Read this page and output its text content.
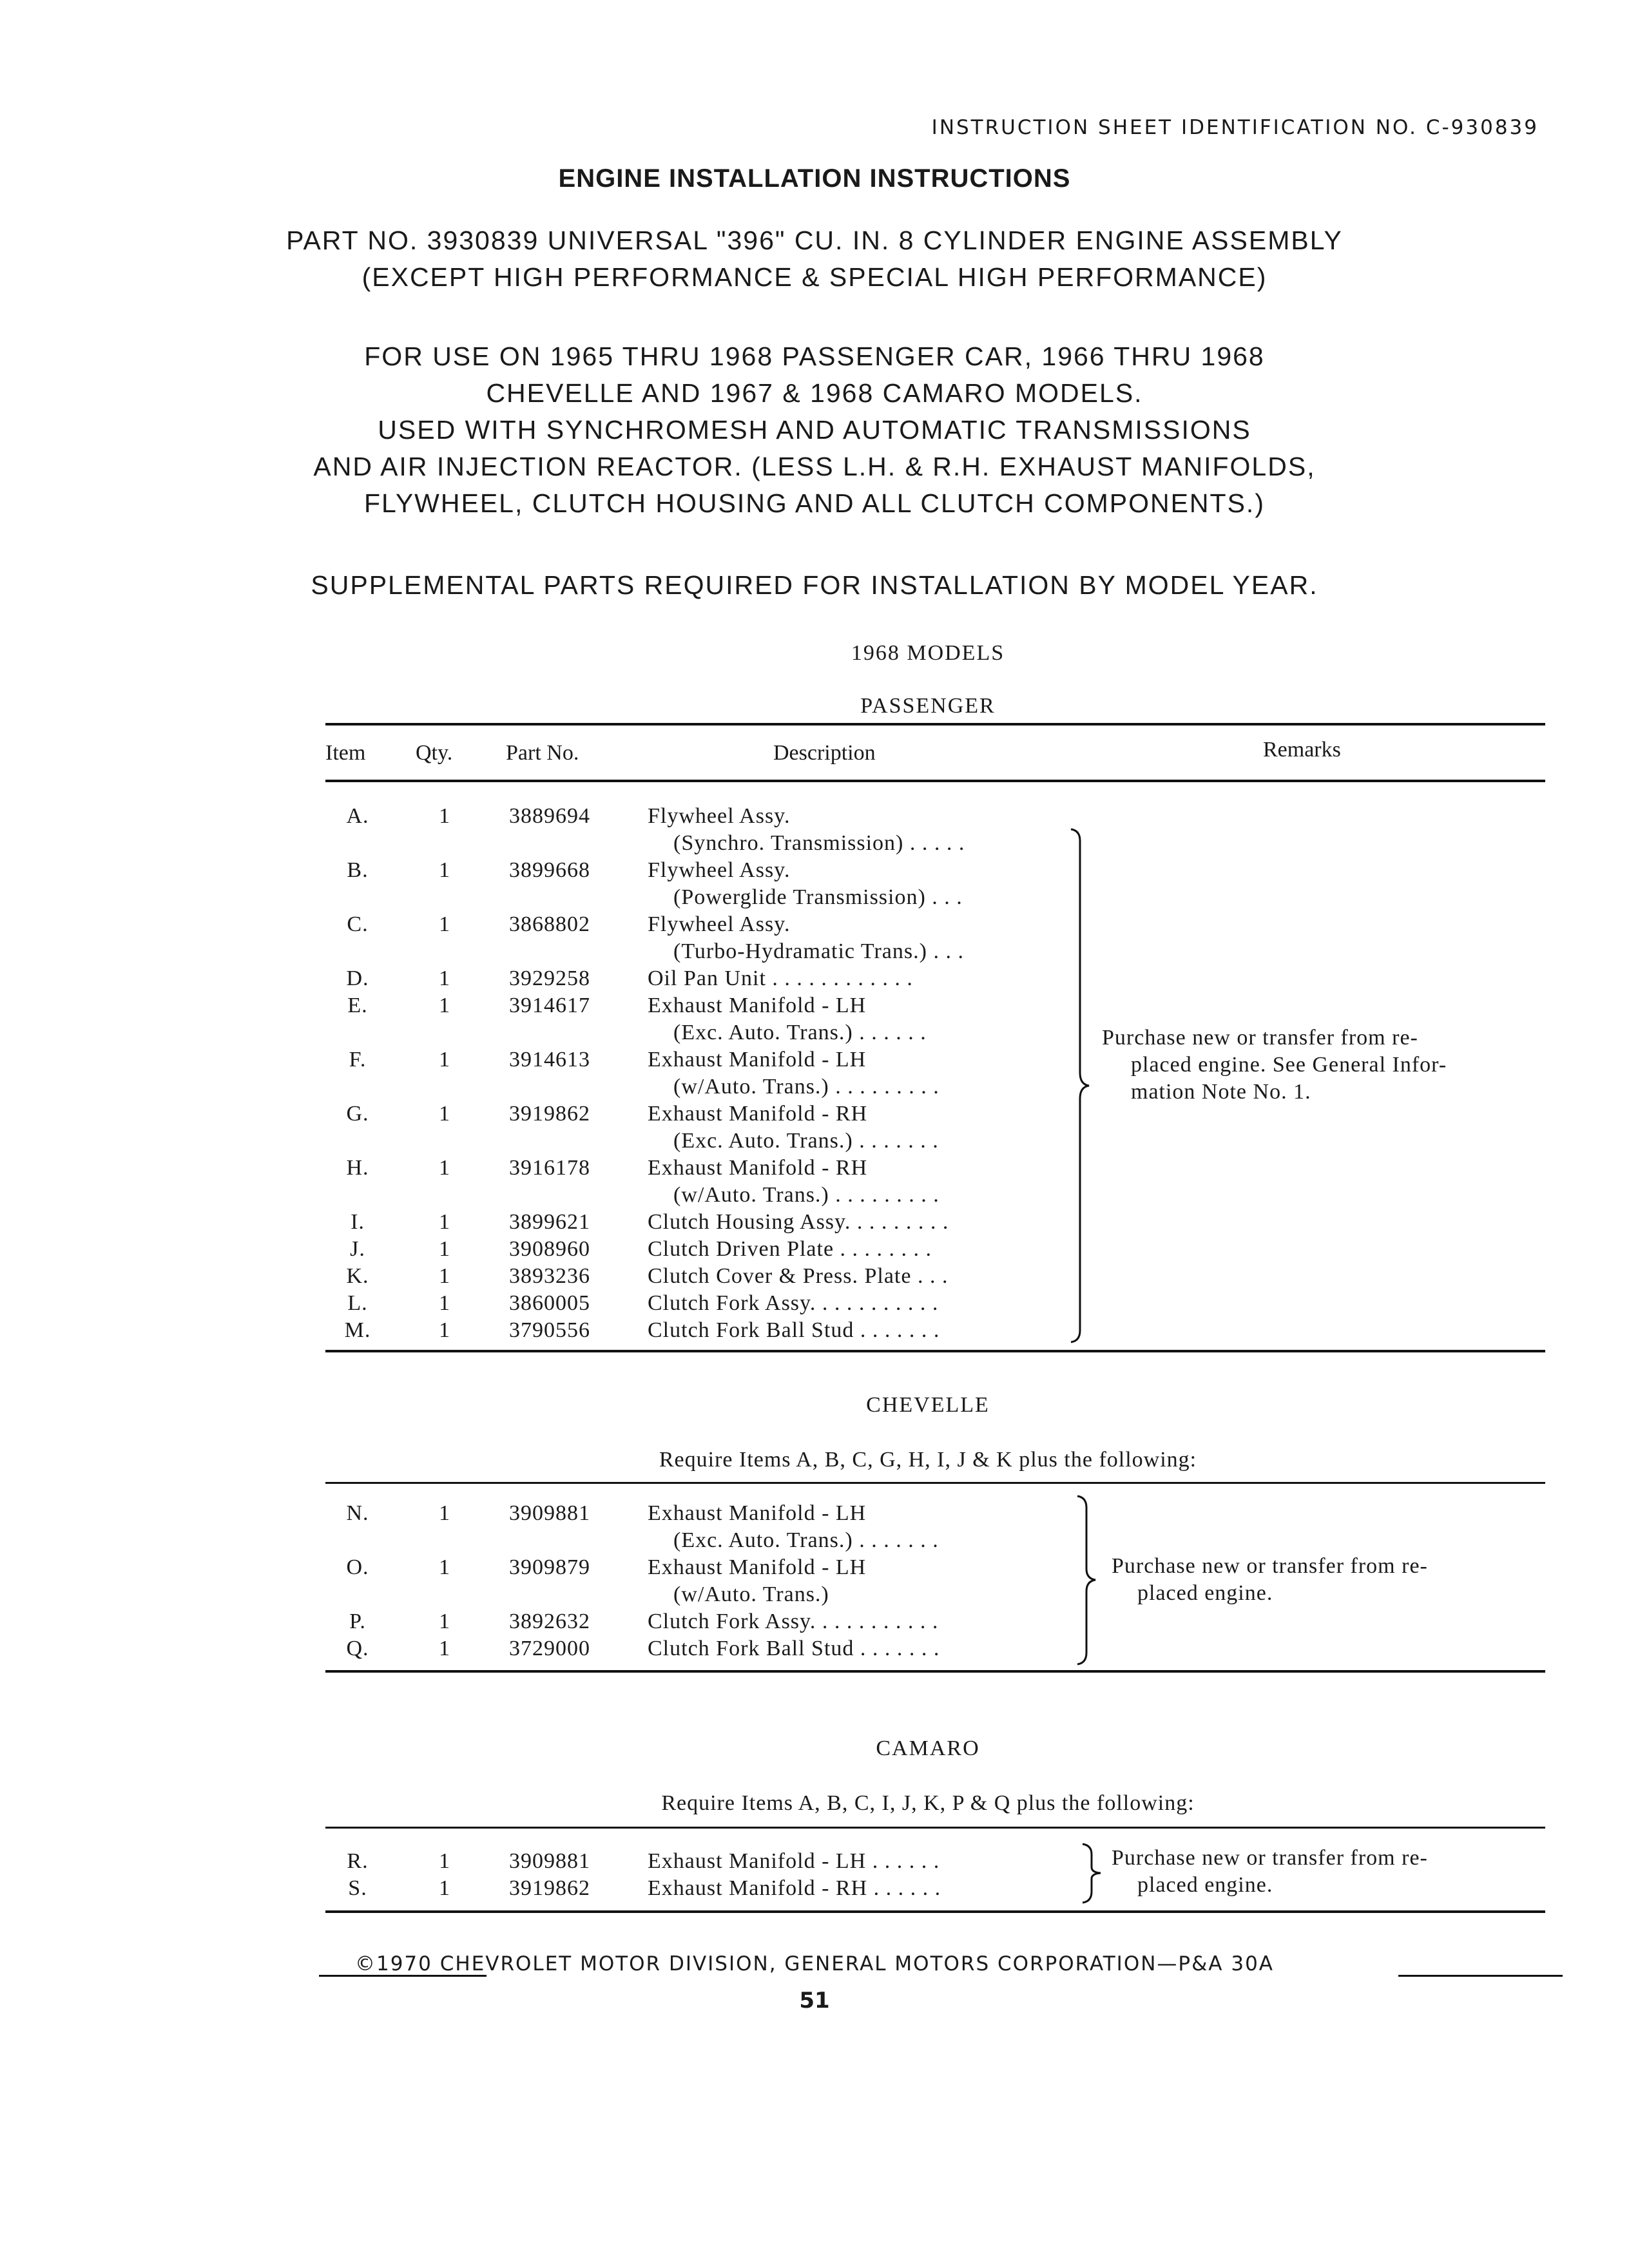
INSTRUCTION SHEET IDENTIFICATION NO. C-930839
ENGINE INSTALLATION INSTRUCTIONS
PART NO. 3930839 UNIVERSAL "396" CU. IN. 8 CYLINDER ENGINE ASSEMBLY
(EXCEPT HIGH PERFORMANCE & SPECIAL HIGH PERFORMANCE)
FOR USE ON 1965 THRU 1968 PASSENGER CAR, 1966 THRU 1968
CHEVELLE AND 1967 & 1968 CAMARO MODELS.
USED WITH SYNCHROMESH AND AUTOMATIC TRANSMISSIONS
AND AIR INJECTION REACTOR. (LESS L.H. & R.H. EXHAUST MANIFOLDS,
FLYWHEEL, CLUTCH HOUSING AND ALL CLUTCH COMPONENTS.)
SUPPLEMENTAL PARTS REQUIRED FOR INSTALLATION BY MODEL YEAR.
1968 MODELS
PASSENGER
Item Qty. Part No.	Description	Remarks
A.	1	3889694	Flywheel Assy.
(Synchro. Transmission) . . . . .
B.	1	3899668	Flywheel Assy.
(Powerglide Transmission) . . .
C.	1	3868802	Flywheel Assy.
(Turbo-Hydramatic Trans.) . . .
D.	1	3929258	Oil Pan Unit . . . . . . . . . . . .
E.	1	3914617	Exhaust Manifold - LH
(Exc. Auto. Trans.) . . . . . .
F.	1	3914613	Exhaust Manifold - LH
(w/Auto. Trans.) . . . . . . . . .
G.	1	3919862	Exhaust Manifold - RH
(Exc. Auto. Trans.) . . . . . . .
H.	1	3916178	Exhaust Manifold - RH
(w/Auto. Trans.) . . . . . . . . .
I.	1	3899621	Clutch Housing Assy. . . . . . . . .
J.	1	3908960	Clutch Driven Plate . . . . . . . .
K.	1	3893236	Clutch Cover & Press. Plate . . .
L.	1	3860005	Clutch Fork Assy. . . . . . . . . . .
M.	1	3790556	Clutch Fork Ball Stud . . . . . . .
Purchase new or transfer from re-
placed engine. See General Infor-
mation Note No. 1.
CHEVELLE
Require Items A, B, C, G, H, I, J & K plus the following:
N.	1	3909881	Exhaust Manifold - LH
(Exc. Auto. Trans.) . . . . . . .
O.	1	3909879	Exhaust Manifold - LH
(w/Auto. Trans.)
P.	1	3892632	Clutch Fork Assy. . . . . . . . . . .
Q.	1	3729000	Clutch Fork Ball Stud . . . . . . .
Purchase new or transfer from re-
placed engine.
CAMARO
Require Items A, B, C, I, J, K, P & Q plus the following:
R.	1	3909881	Exhaust Manifold - LH . . . . . .
S.	1	3919862	Exhaust Manifold - RH . . . . . .
Purchase new or transfer from re-
placed engine.
©1970 CHEVROLET MOTOR DIVISION, GENERAL MOTORS CORPORATION—P&A 30A
51
